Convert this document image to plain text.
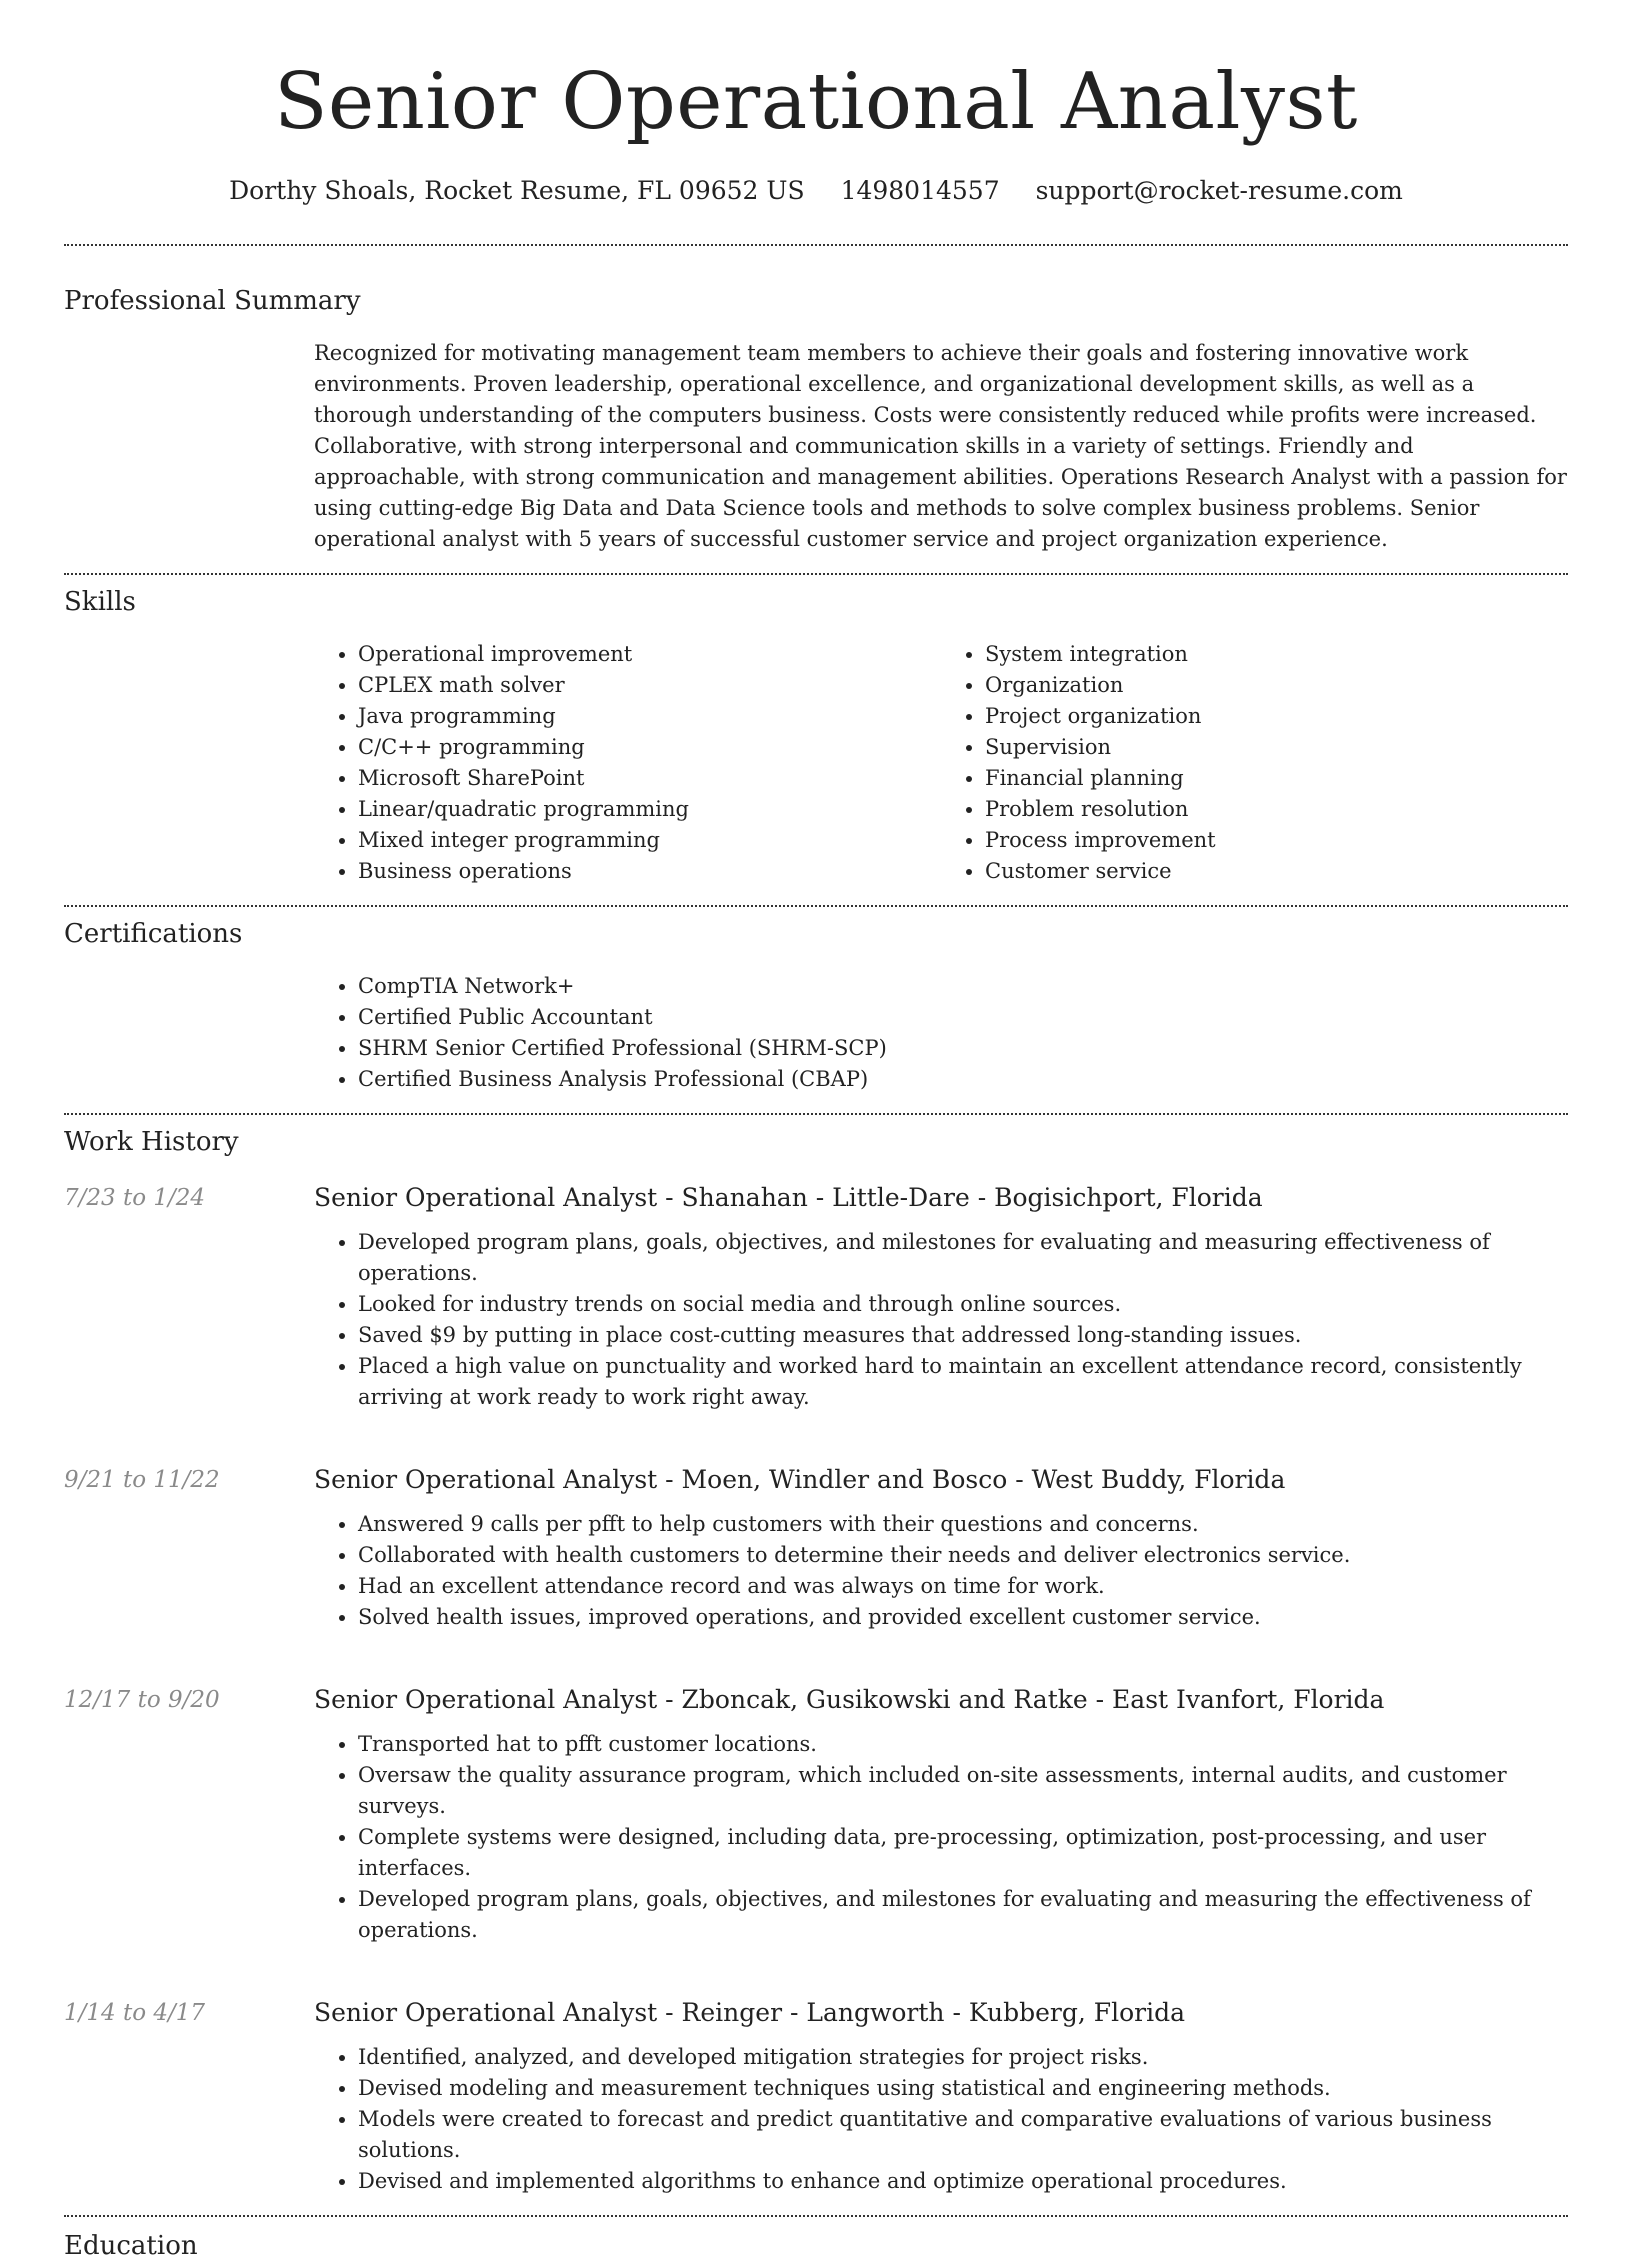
Senior Operational Analyst
Dorthy Shoals, Rocket Resume, FL 09652 US 1498014557 support@rocket-resume.com
Professional Summary

Recognized for motivating management team members to achieve their goals and fostering innovative work environments. Proven leadership, operational excellence, and organizational development skills, as well as a thorough understanding of the computers business. Costs were consistently reduced while profits were increased. Collaborative, with strong interpersonal and communication skills in a variety of settings. Friendly and approachable, with strong communication and management abilities. Operations Research Analyst with a passion for using cutting-edge Big Data and Data Science tools and methods to solve complex business problems. Senior operational analyst with 5 years of successful customer service and project organization experience.

Skills
• Operational improvement
• CPLEX math solver
• Java programming
• C/C++ programming
• Microsoft SharePoint
• Linear/quadratic programming
• Mixed integer programming
• Business operations
• System integration
• Organization
• Project organization
• Supervision
• Financial planning
• Problem resolution
• Process improvement
• Customer service
Certifications
• CompTIA Network+
• Certified Public Accountant
• SHRM Senior Certified Professional (SHRM-SCP)
• Certified Business Analysis Professional (CBAP)
Work History
7/23 to 1/24	Senior Operational Analyst - Shanahan - Little-Dare - Bogisichport, Florida
• Developed program plans, goals, objectives, and milestones for evaluating and measuring effectiveness of operations.
• Looked for industry trends on social media and through online sources.
• Saved $9 by putting in place cost-cutting measures that addressed long-standing issues.
• Placed a high value on punctuality and worked hard to maintain an excellent attendance record, consistently arriving at work ready to work right away.
9/21 to 11/22	Senior Operational Analyst - Moen, Windler and Bosco - West Buddy, Florida
• Answered 9 calls per pfft to help customers with their questions and concerns.
• Collaborated with health customers to determine their needs and deliver electronics service.
• Had an excellent attendance record and was always on time for work.
• Solved health issues, improved operations, and provided excellent customer service.
12/17 to 9/20	Senior Operational Analyst - Zboncak, Gusikowski and Ratke - East Ivanfort, Florida
• Transported hat to pfft customer locations.
• Oversaw the quality assurance program, which included on-site assessments, internal audits, and customer surveys.
• Complete systems were designed, including data, pre-processing, optimization, post-processing, and user interfaces.
• Developed program plans, goals, objectives, and milestones for evaluating and measuring the effectiveness of operations.
1/14 to 4/17	Senior Operational Analyst - Reinger - Langworth - Kubberg, Florida
• Identified, analyzed, and developed mitigation strategies for project risks.
• Devised modeling and measurement techniques using statistical and engineering methods.
• Models were created to forecast and predict quantitative and comparative evaluations of various business solutions.
• Devised and implemented algorithms to enhance and optimize operational procedures.
Education
